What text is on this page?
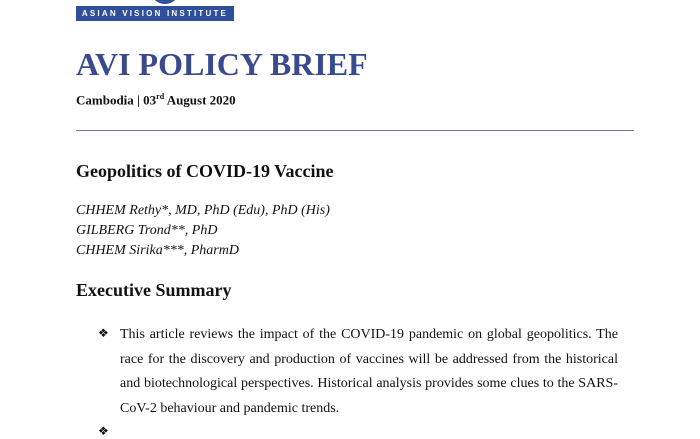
ASIAN VISION INSTITUTE
AVI POLICY BRIEF
Cambodia | 03rd August 2020
Geopolitics of COVID-19 Vaccine
CHHEM Rethy*, MD, PhD (Edu), PhD (His)
GILBERG Trond**, PhD
CHHEM Sirika***, PharmD
Executive Summary
❖ This article reviews the impact of the COVID-19 pandemic on global geopolitics. The race for the discovery and production of vaccines will be addressed from the historical and biotechnological perspectives. Historical analysis provides some clues to the SARS-CoV-2 behaviour and pandemic trends.
❖
